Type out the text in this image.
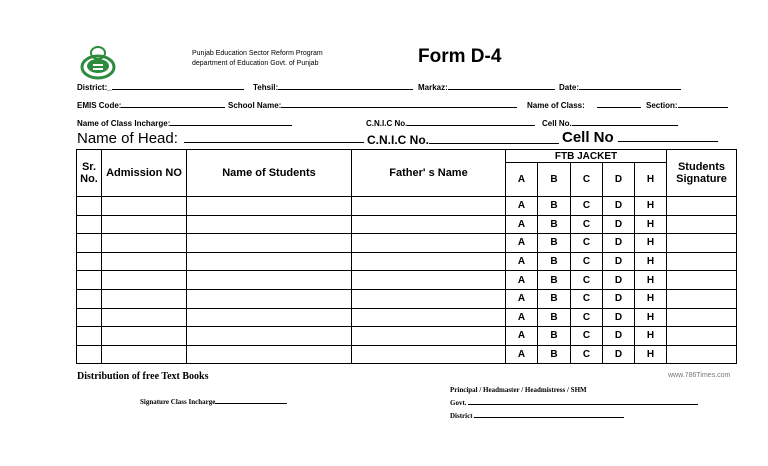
Punjab Education Sector Reform Program
department of Education Govt. of Punjab	Form D-4
District:_	Tehsil:	Markaz:	Date:
EMIS Code:	School Name:	Name of Class:	Section:
Name of Class Incharge:	C.N.I.C No.	Cell No.
Name of Head:	C.N.I.C No.	Cell No
Sr. No.	Admission NO	Name of Students	Father' s Name	FTB JACKET					Students Signature
				A	B	C	D	H	
				A	B	C	D	H	
				A	B	C	D	H	
				A	B	C	D	H	
				A	B	C	D	H	
				A	B	C	D	H	
				A	B	C	D	H	
				A	B	C	D	H	
				A	B	C	D	H	
				A	B	C	D	H	
Distribution of free Text Books
Signature Class Incharge
Principal / Headmaster / Headmistress / SHM
Govt.
District
www.786Times.com
